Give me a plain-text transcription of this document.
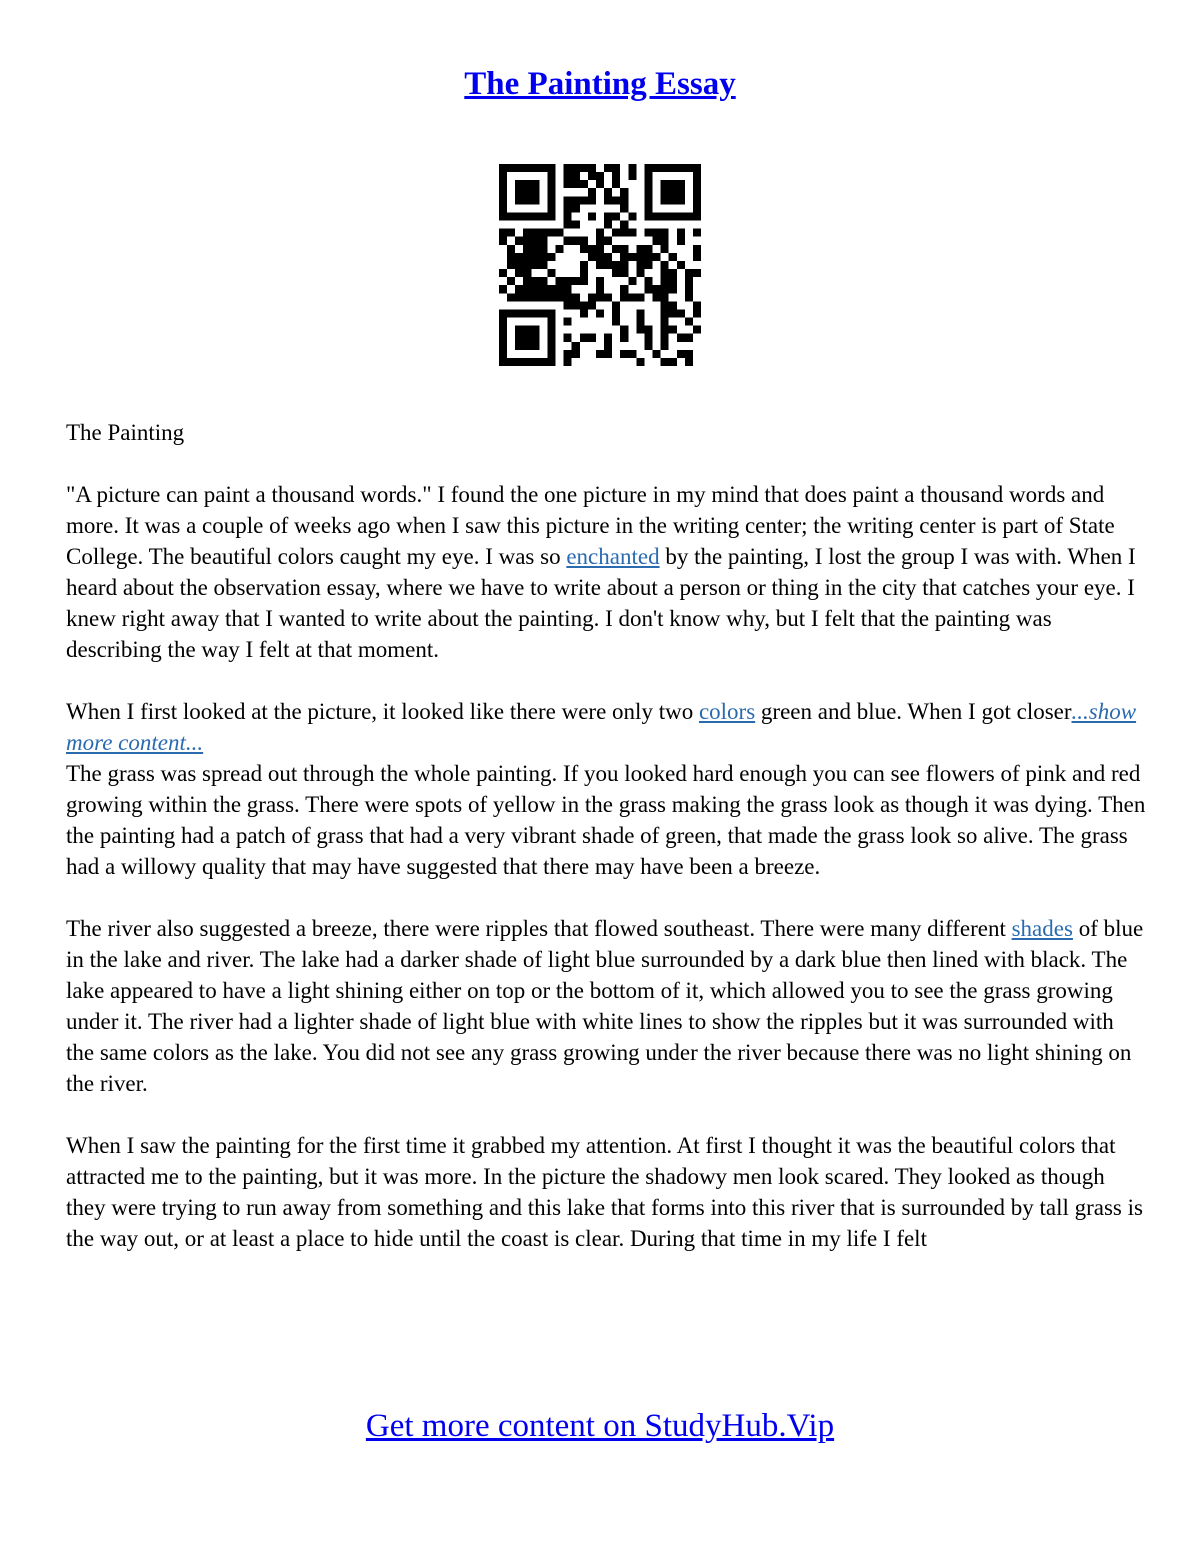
The Painting Essay

The Painting

"A picture can paint a thousand words." I found the one picture in my mind that does paint a thousand words and more. It was a couple of weeks ago when I saw this picture in the writing center; the writing center is part of State College. The beautiful colors caught my eye. I was so enchanted by the painting, I lost the group I was with. When I heard about the observation essay, where we have to write about a person or thing in the city that catches your eye. I knew right away that I wanted to write about the painting. I don't know why, but I felt that the painting was describing the way I felt at that moment.

When I first looked at the picture, it looked like there were only two colors green and blue. When I got closer...show more content...

The grass was spread out through the whole painting. If you looked hard enough you can see flowers of pink and red growing within the grass. There were spots of yellow in the grass making the grass look as though it was dying. Then the painting had a patch of grass that had a very vibrant shade of green, that made the grass look so alive. The grass had a willowy quality that may have suggested that there may have been a breeze.

The river also suggested a breeze, there were ripples that flowed southeast. There were many different shades of blue in the lake and river. The lake had a darker shade of light blue surrounded by a dark blue then lined with black. The lake appeared to have a light shining either on top or the bottom of it, which allowed you to see the grass growing under it. The river had a lighter shade of light blue with white lines to show the ripples but it was surrounded with the same colors as the lake. You did not see any grass growing under the river because there was no light shining on the river.

When I saw the painting for the first time it grabbed my attention. At first I thought it was the beautiful colors that attracted me to the painting, but it was more. In the picture the shadowy men look scared. They looked as though they were trying to run away from something and this lake that forms into this river that is surrounded by tall grass is the way out, or at least a place to hide until the coast is clear. During that time in my life I felt

Get more content on StudyHub.Vip
